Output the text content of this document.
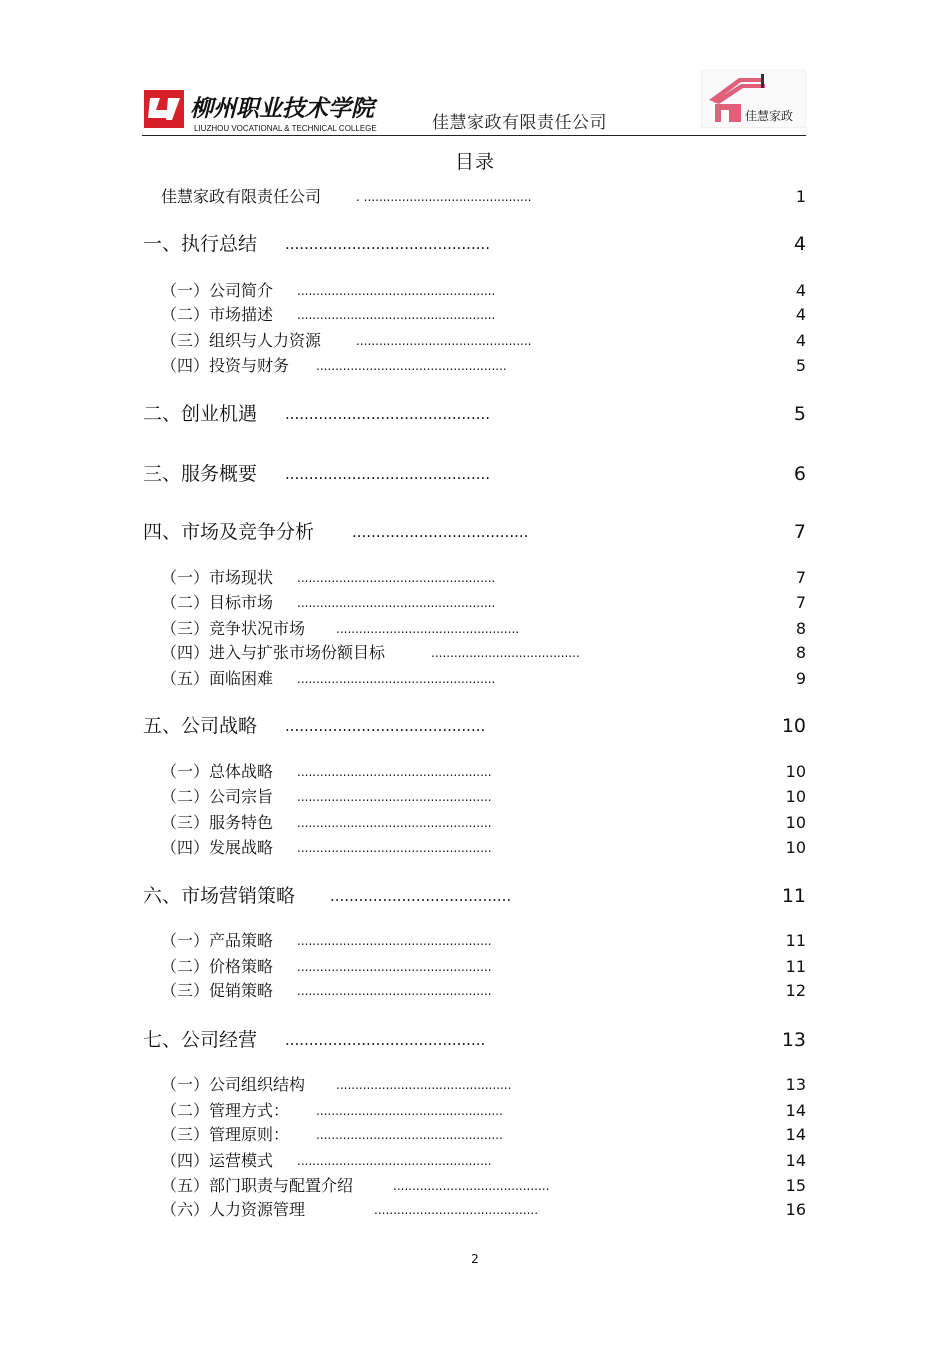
柳州职业技术学院
LIUZHOU VOCATIONAL & TECHNICAL COLLEGE	佳慧家政有限责任公司	佳慧家政
目录
佳慧家政有限责任公司	. ............................................	1
一、执行总结 ...........................................	4
（一）公司简介 ....................................................	4
（二）市场描述 ....................................................	4
（三）组织与人力资源	..............................................	4
（四）投资与财务 ..................................................	5
二、创业机遇 ...........................................	5
三、服务概要 ...........................................	6
四、市场及竞争分析	.....................................	7
（一）市场现状 ....................................................	7
（二）目标市场 ....................................................	7
（三）竞争状况市场	................................................	8
（四）进入与扩张市场份额目标	.......................................	8
（五）面临困难 ....................................................	9
五、公司战略 ..........................................	10
（一）总体战略 ...................................................	10
（二）公司宗旨 ...................................................	10
（三）服务特色 ...................................................	10
（四）发展战略 ...................................................	10
六、市场营销策略 ......................................	11
（一）产品策略 ...................................................	11
（二）价格策略 ...................................................	11
（三）促销策略 ...................................................	12
七、公司经营 ..........................................	13
（一）公司组织结构	..............................................	13
（二）管理方式： .................................................	14
（三）管理原则： .................................................	14
（四）运营模式 ...................................................	14
（五）部门职责与配置介绍	.........................................	15
（六）人力资源管理	...........................................	16
2
